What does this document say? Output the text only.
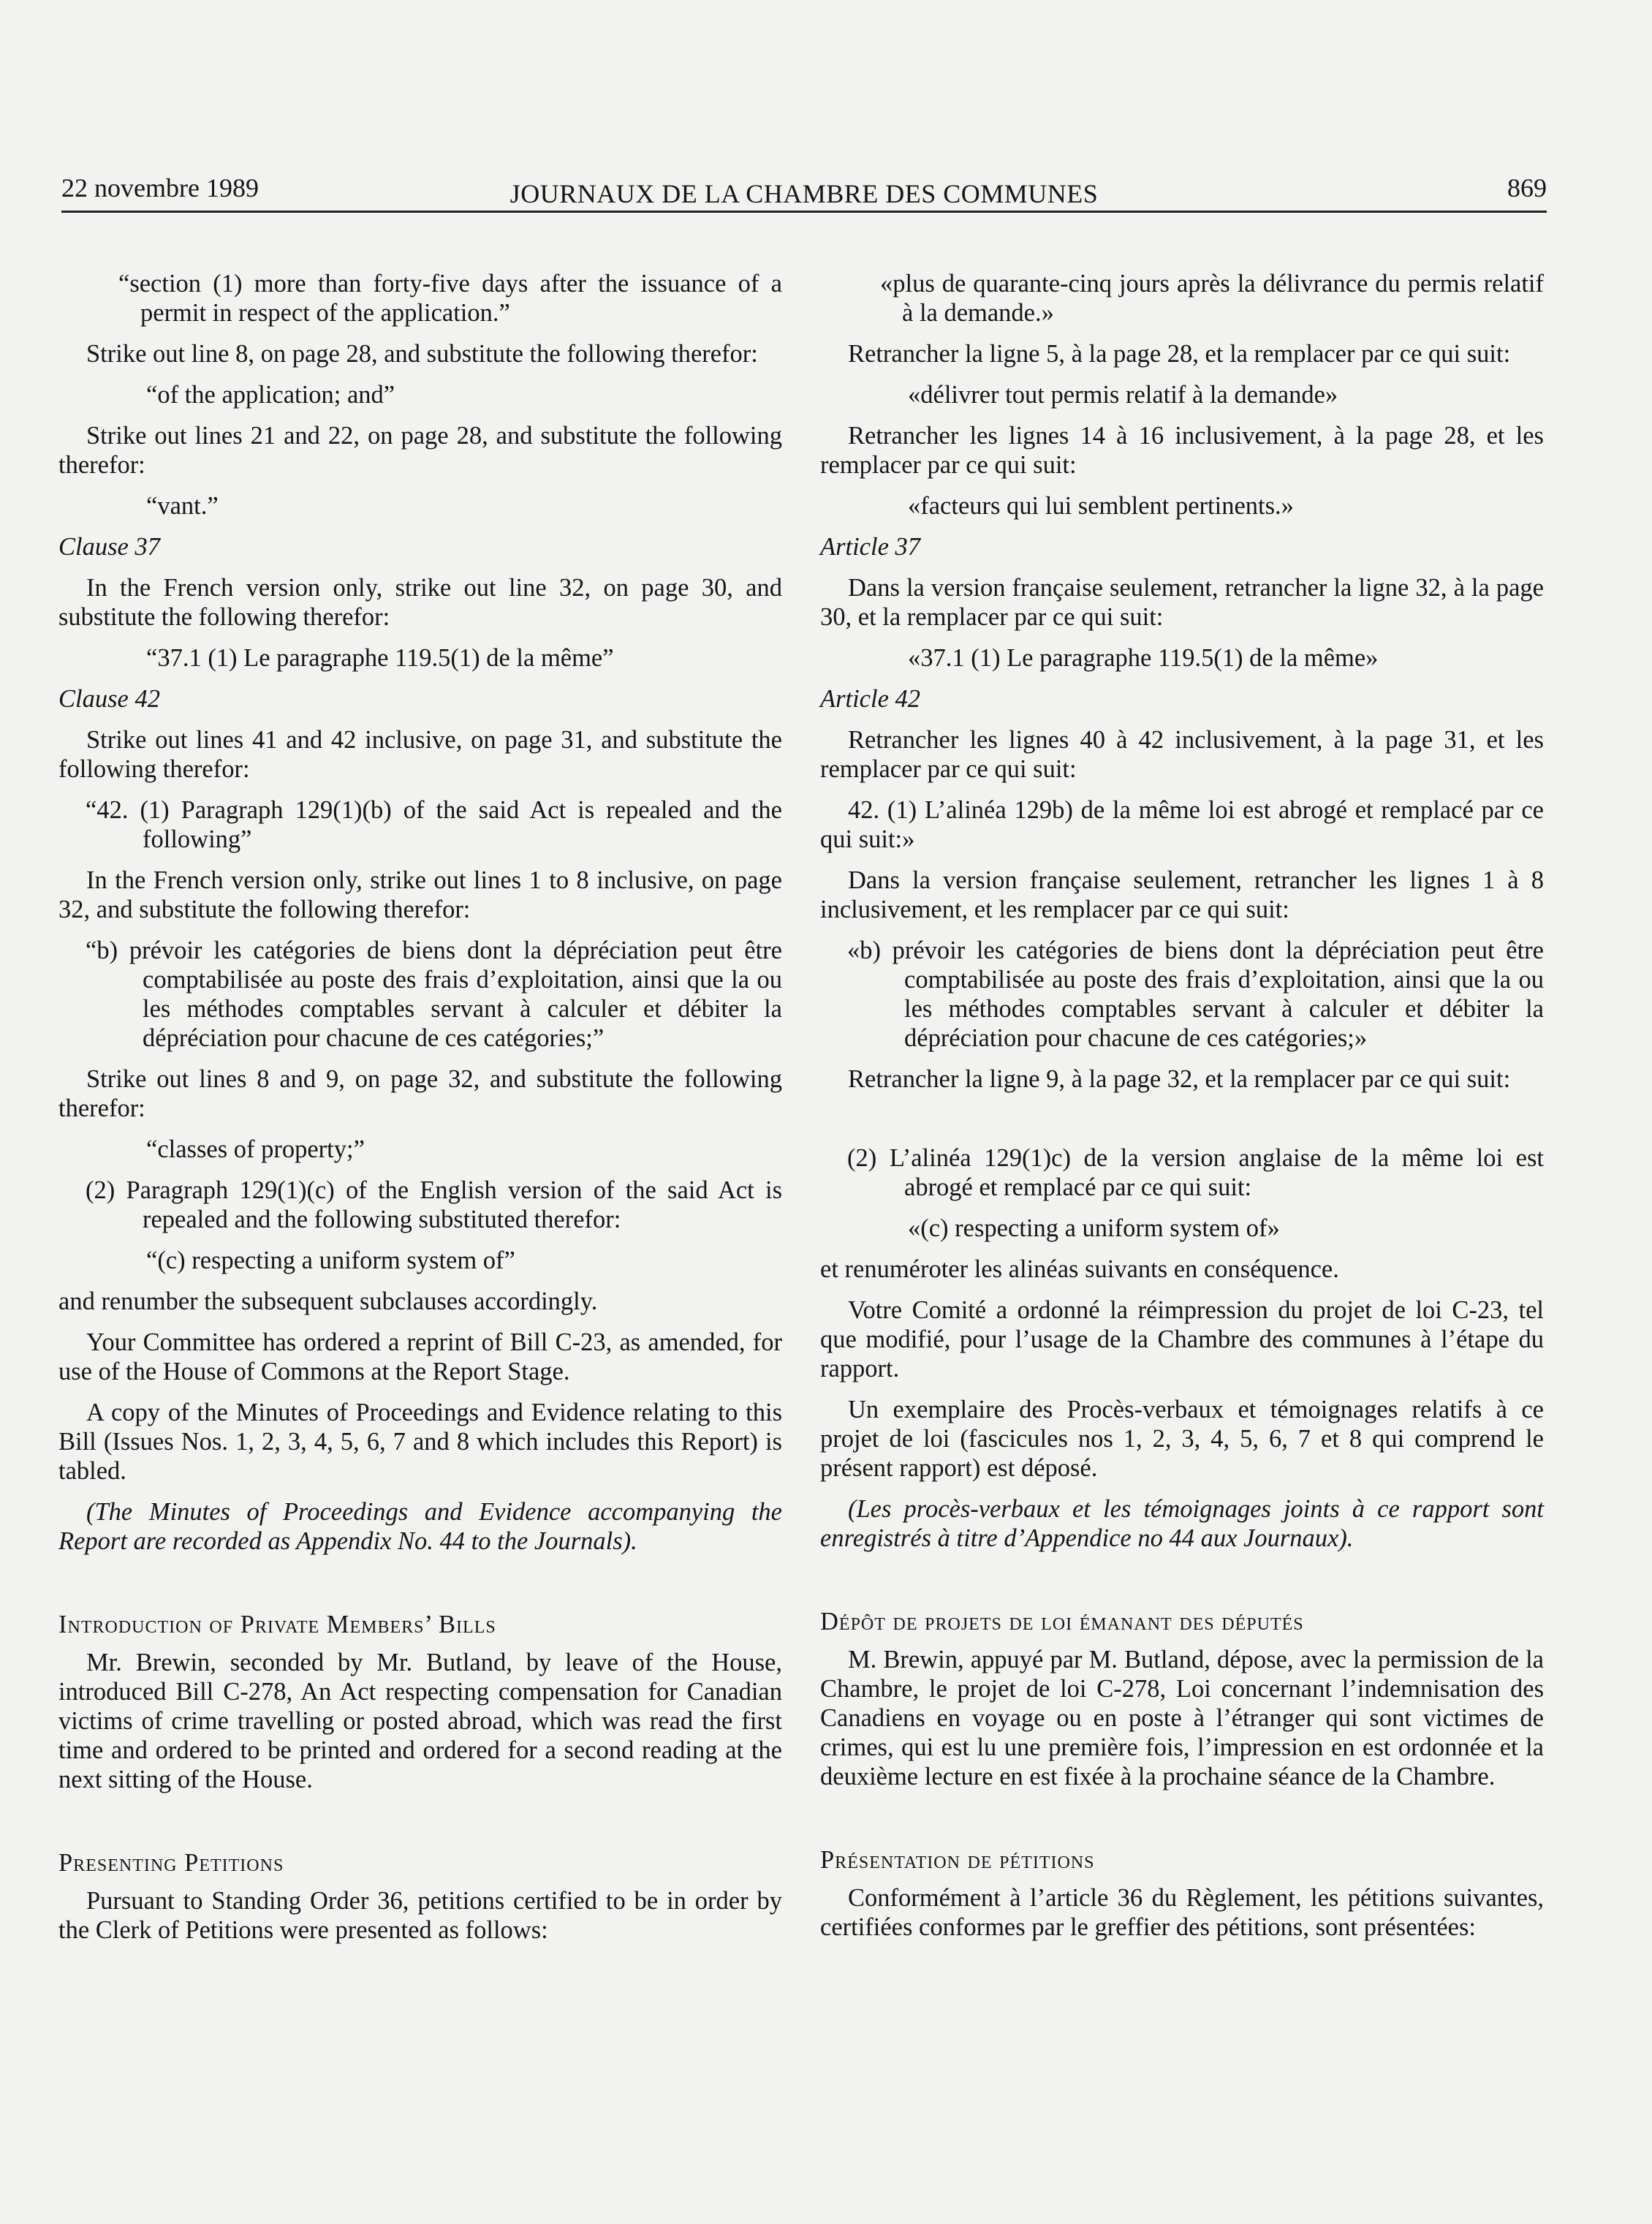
22 novembre 1989	JOURNAUX DE LA CHAMBRE DES COMMUNES	869

“section (1) more than forty-five days after the issuance of a permit in respect of the application.”

Strike out line 8, on page 28, and substitute the following therefor:

“of the application; and”

Strike out lines 21 and 22, on page 28, and substitute the following therefor:

“vant.”

Clause 37

In the French version only, strike out line 32, on page 30, and substitute the following therefor:

“37.1 (1) Le paragraphe 119.5(1) de la même”

Clause 42

Strike out lines 41 and 42 inclusive, on page 31, and substitute the following therefor:

“42. (1) Paragraph 129(1)(b) of the said Act is repealed and the following”

In the French version only, strike out lines 1 to 8 inclusive, on page 32, and substitute the following therefor:

“b) prévoir les catégories de biens dont la dépréciation peut être comptabilisée au poste des frais d’exploitation, ainsi que la ou les méthodes comptables servant à calculer et débiter la dépréciation pour chacune de ces catégories;”

Strike out lines 8 and 9, on page 32, and substitute the following therefor:

“classes of property;”

(2) Paragraph 129(1)(c) of the English version of the said Act is repealed and the following substituted therefor:

“(c) respecting a uniform system of”

and renumber the subsequent subclauses accordingly.

Your Committee has ordered a reprint of Bill C-23, as amended, for use of the House of Commons at the Report Stage.

A copy of the Minutes of Proceedings and Evidence relating to this Bill (Issues Nos. 1, 2, 3, 4, 5, 6, 7 and 8 which includes this Report) is tabled.

(The Minutes of Proceedings and Evidence accompanying the Report are recorded as Appendix No. 44 to the Journals).

Introduction of Private Members’ Bills

Mr. Brewin, seconded by Mr. Butland, by leave of the House, introduced Bill C-278, An Act respecting compensation for Canadian victims of crime travelling or posted abroad, which was read the first time and ordered to be printed and ordered for a second reading at the next sitting of the House.

Presenting Petitions

Pursuant to Standing Order 36, petitions certified to be in order by the Clerk of Petitions were presented as follows:

«plus de quarante-cinq jours après la délivrance du permis relatif à la demande.»

Retrancher la ligne 5, à la page 28, et la remplacer par ce qui suit:

«délivrer tout permis relatif à la demande»

Retrancher les lignes 14 à 16 inclusivement, à la page 28, et les remplacer par ce qui suit:

«facteurs qui lui semblent pertinents.»

Article 37

Dans la version française seulement, retrancher la ligne 32, à la page 30, et la remplacer par ce qui suit:

«37.1 (1) Le paragraphe 119.5(1) de la même»

Article 42

Retrancher les lignes 40 à 42 inclusivement, à la page 31, et les remplacer par ce qui suit:

42. (1) L’alinéa 129b) de la même loi est abrogé et remplacé par ce qui suit:»

Dans la version française seulement, retrancher les lignes 1 à 8 inclusivement, et les remplacer par ce qui suit:

«b) prévoir les catégories de biens dont la dépréciation peut être comptabilisée au poste des frais d’exploitation, ainsi que la ou les méthodes comptables servant à calculer et débiter la dépréciation pour chacune de ces catégories;»

Retrancher la ligne 9, à la page 32, et la remplacer par ce qui suit:

(2) L’alinéa 129(1)c) de la version anglaise de la même loi est abrogé et remplacé par ce qui suit:

«(c) respecting a uniform system of»

et renuméroter les alinéas suivants en conséquence.

Votre Comité a ordonné la réimpression du projet de loi C-23, tel que modifié, pour l’usage de la Chambre des communes à l’étape du rapport.

Un exemplaire des Procès-verbaux et témoignages relatifs à ce projet de loi (fascicules nos 1, 2, 3, 4, 5, 6, 7 et 8 qui comprend le présent rapport) est déposé.

(Les procès-verbaux et les témoignages joints à ce rapport sont enregistrés à titre d’Appendice no 44 aux Journaux).

Dépôt de projets de loi émanant des députés

M. Brewin, appuyé par M. Butland, dépose, avec la permission de la Chambre, le projet de loi C-278, Loi concernant l’indemnisation des Canadiens en voyage ou en poste à l’étranger qui sont victimes de crimes, qui est lu une première fois, l’impression en est ordonnée et la deuxième lecture en est fixée à la prochaine séance de la Chambre.

Présentation de pétitions

Conformément à l’article 36 du Règlement, les pétitions suivantes, certifiées conformes par le greffier des pétitions, sont présentées:
